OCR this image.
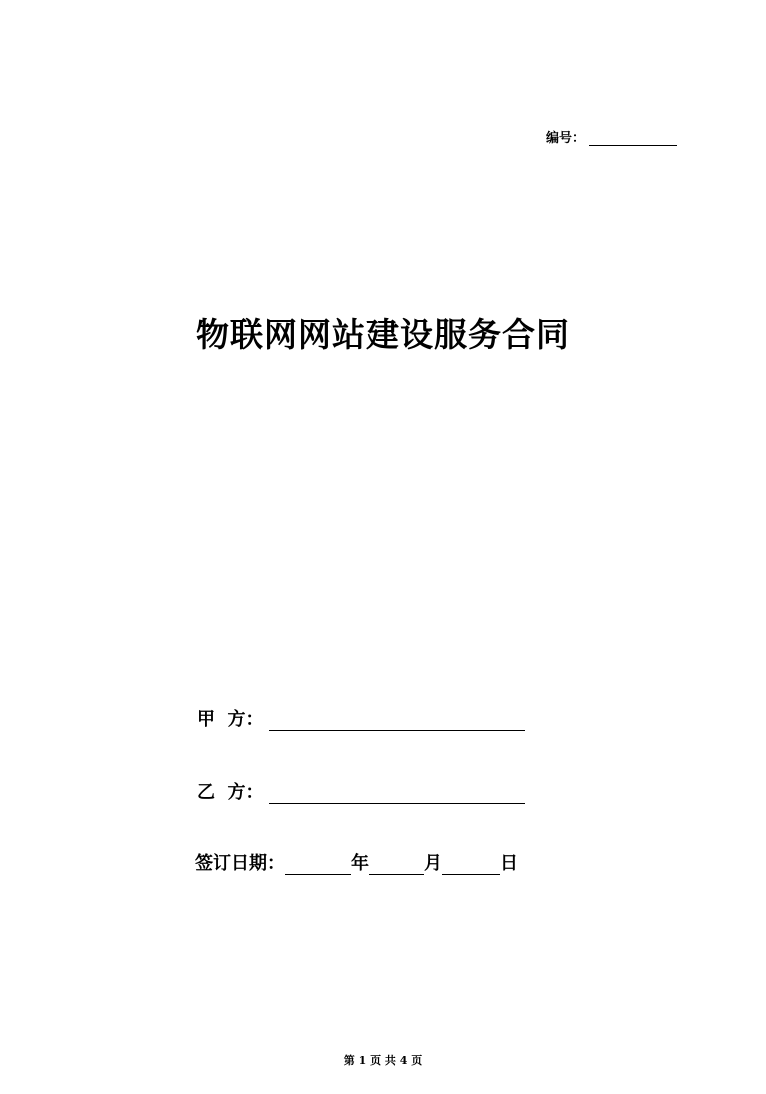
编号：
物联网网站建设服务合同
甲  方：
乙  方：
签订日期：	年	月	日
第 1 页 共 4 页
